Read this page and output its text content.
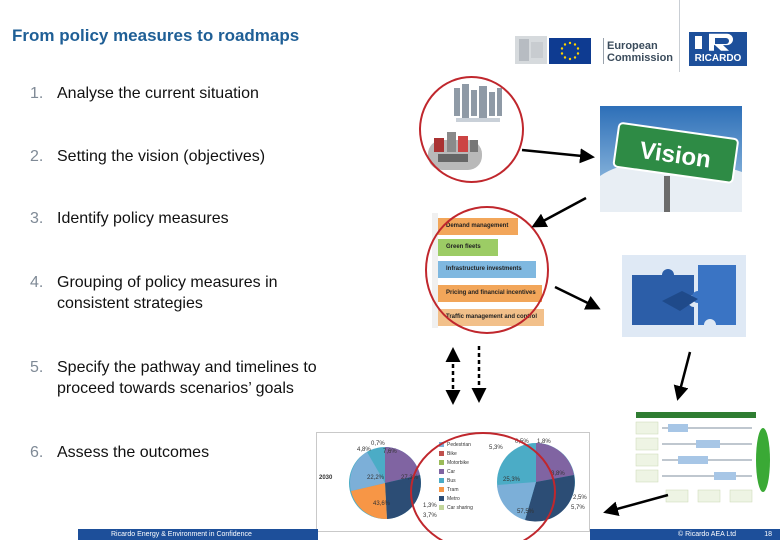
From policy measures to roadmaps
European
Commission	RICARDO
1. Analyse the current situation
2. Setting the vision (objectives)
3. Identify policy measures
4. Grouping of policy measures in
consistent strategies
5. Specify the pathway and timelines to
proceed towards scenarios’ goals
6. Assess the outcomes
Vision
Demand management
Green fleets
Infrastructure investments
Pricing and financial incentives
Traffic management and control
2030
0,7%
4,8% 7,6%
22,2%	27,3%
1,3%
3,7%
43,6%
0,5% 1,8%
5,3%
3,8%
25,3%
2,5%
5,7%
57,5%
Pedestrian
Bike
Motorbike
Car
Bus
Tram
Metro
Car sharing
Ricardo Energy & Environment in Confidence	© Ricardo AEA Ltd	18
